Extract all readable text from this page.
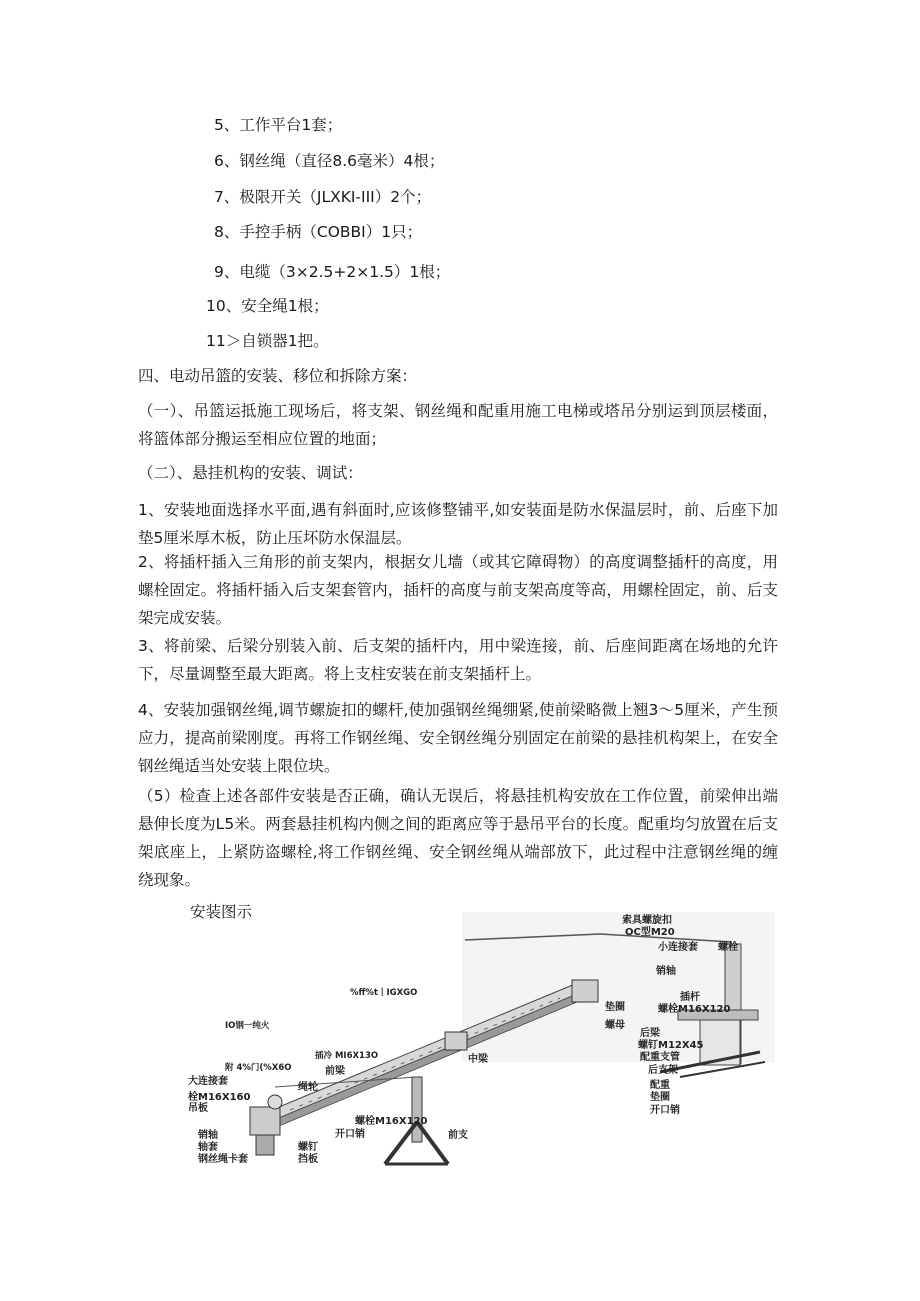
5、工作平台1套；
6、钢丝绳（直径8.6毫米）4根；
7、极限开关（JLXKI-III）2个；
8、手控手柄（COBBI）1只；
9、电缆（3×2.5+2×1.5）1根；
10、安全绳1根；
11＞自锁器1把。
四、电动吊篮的安装、移位和拆除方案：
（一）、吊篮运抵施工现场后，将支架、钢丝绳和配重用施工电梯或塔吊分别运到顶层楼面，将篮体部分搬运至相应位置的地面；
（二）、悬挂机构的安装、调试：
1、安装地面选择水平面,遇有斜面时,应该修整铺平,如安装面是防水保温层时，前、后座下加垫5厘米厚木板，防止压坏防水保温层。
2、将插杆插入三角形的前支架内，根据女儿墙（或其它障碍物）的高度调整插杆的高度，用螺栓固定。将插杆插入后支架套管内，插杆的高度与前支架高度等高，用螺栓固定，前、后支架完成安装。
3、将前梁、后梁分别装入前、后支架的插杆内，用中梁连接，前、后座间距离在场地的允许下，尽量调整至最大距离。将上支柱安装在前支架插杆上。
4、安装加强钢丝绳,调节螺旋扣的螺杆,使加强钢丝绳绷紧,使前梁略微上翘3～5厘米，产生预应力，提高前梁刚度。再将工作钢丝绳、安全钢丝绳分别固定在前梁的悬挂机构架上，在安全钢丝绳适当处安装上限位块。
（5）检查上述各部件安装是否正确，确认无误后，将悬挂机构安放在工作位置，前梁伸出端悬伸长度为L5米。两套悬挂机构内侧之间的距离应等于悬吊平台的长度。配重均匀放置在后支架底座上，上紧防盗螺栓,将工作钢丝绳、安全钢丝绳从端部放下，此过程中注意钢丝绳的缠绕现象。
安装图示	索具螺旋扣
OC型M20
小连接套 螺栓
销轴
插杆
螺栓M16X120
垫圈
螺母
后梁
螺钉M12X45
配重支管
后支架
配重
垫圈
开口销
%ff%t丨IGXGO
IO钢一纯火
附 4%门(%X6O
插冷 MI6X13O
前梁
大连接套
绳轮
栓M16X160
吊板
中梁
螺栓M16X120
开口销
销轴
轴套	螺钉
挡板
钢丝绳卡套
前支
